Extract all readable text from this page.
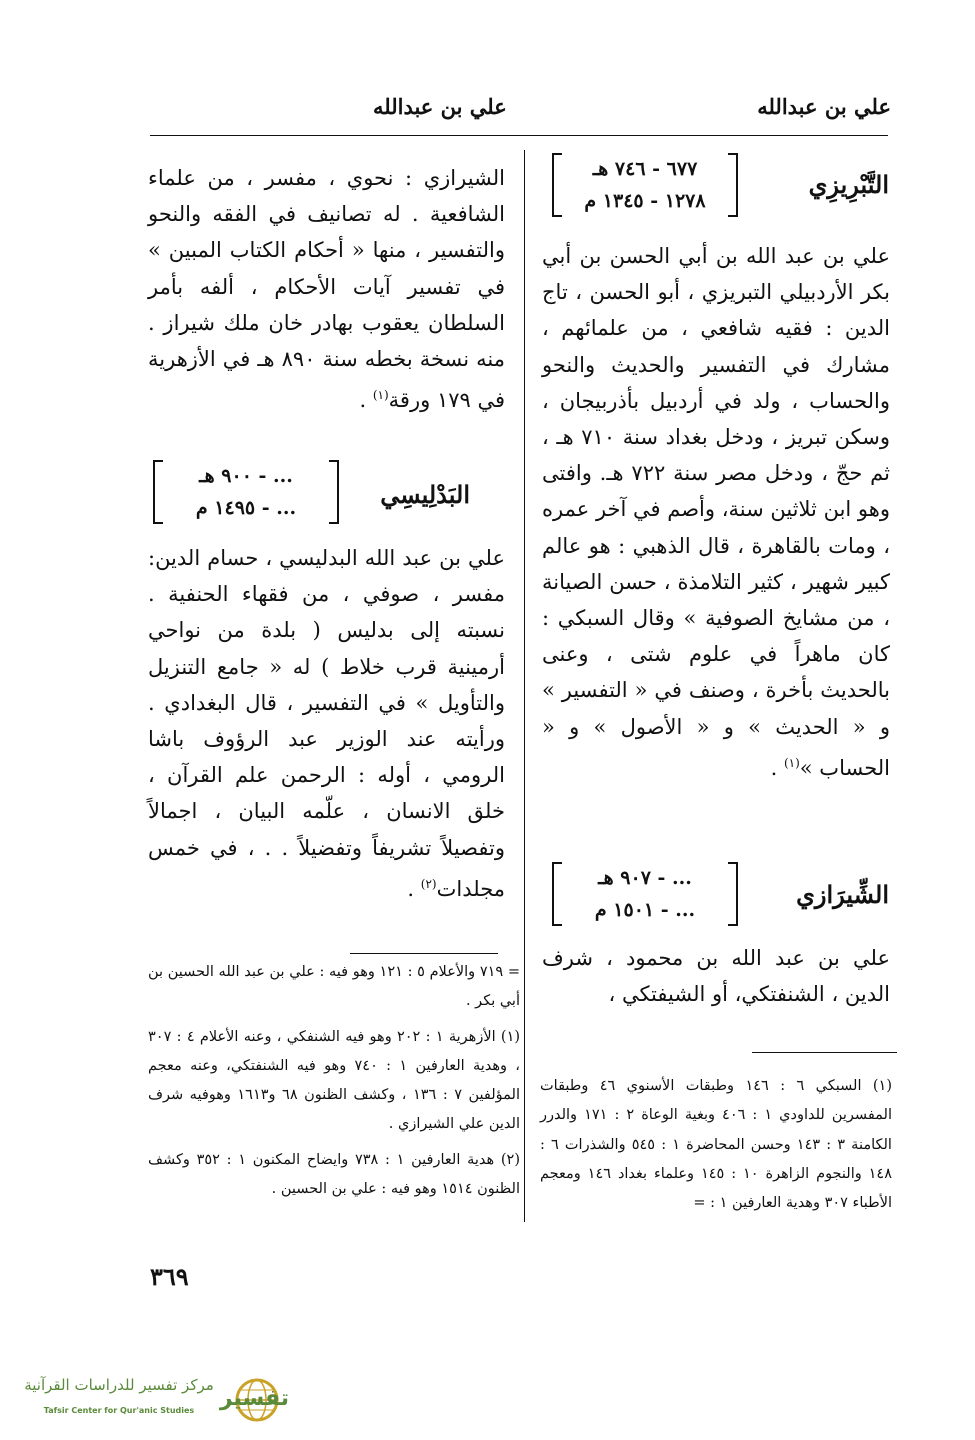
علي بن عبدالله
علي بن عبدالله
التَّبْرِيزِي
٦٧٧ - ٧٤٦ هـ
١٢٧٨ - ١٣٤٥ م
علي بن عبد الله بن أبي الحسن بن أبي بكر الأردبيلي التبريزي ، أبو الحسن ، تاج الدين : فقيه شافعي ، من علمائهم ، مشارك في التفسير والحديث والنحو والحساب ، ولد في أردبيل بأذربيجان ، وسكن تبريز ، ودخل بغداد سنة ٧١٠ هـ ، ثم حجّ ، ودخل مصر سنة ٧٢٢ هـ. وافتى وهو ابن ثلاثين سنة، وأصم في آخر عمره ، ومات بالقاهرة ، قال الذهبي : هو عالم كبير شهير ، كثير التلامذة ، حسن الصيانة ، من مشايخ الصوفية » وقال السبكي : كان ماهراً في علوم شتى ، وعنى بالحديث بأخرة ، وصنف في « التفسير » و « الحديث » و « الأصول » و « الحساب »$^{(١)}$ .
الشِّيرَازي
... - ٩٠٧ هـ
... - ١٥٠١ م
علي بن عبد الله بن محمود ، شرف الدين ، الشنفتكي، أو الشيفتكي ،
(١) السبكي ٦ : ١٤٦ وطبقات الأسنوي ٤٦ وطبقات المفسرين للداودي ١ : ٤٠٦ وبغية الوعاة ٢ : ١٧١ والدرر الكامنة ٣ : ١٤٣ وحسن المحاضرة ١ : ٥٤٥ والشذرات ٦ : ١٤٨ والنجوم الزاهرة ١٠ : ١٤٥ وعلماء بغداد ١٤٦ ومعجم الأطباء ٣٠٧ وهدية العارفين ١ : =
الشيرازي : نحوي ، مفسر ، من علماء الشافعية . له تصانيف في الفقه والنحو والتفسير ، منها « أحكام الكتاب المبين » في تفسير آيات الأحكام ، ألفه بأمر السلطان يعقوب بهادر خان ملك شيراز . منه نسخة بخطه سنة ٨٩٠ هـ في الأزهرية في ١٧٩ ورقة$^{(١)}$ .
البَدْلِيسِي
... - ٩٠٠ هـ
... - ١٤٩٥ م
علي بن عبد الله البدليسي ، حسام الدين: مفسر ، صوفي ، من فقهاء الحنفية . نسبته إلى بدليس ( بلدة من نواحي أرمينية قرب خلاط ) له « جامع التنزيل والتأويل » في التفسير ، قال البغدادي . ورأيته عند الوزير عبد الرؤوف باشا الرومي ، أوله : الرحمن علم القرآن ، خلق الانسان ، علّمه البيان ، اجمالاً وتفصيلاً تشريفاً وتفضيلاً . . ، في خمس مجلدات$^{(٢)}$ .

= ٧١٩ والأعلام ٥ : ١٢١ وهو فيه : علي بن عبد الله الحسين بن أبي بكر .

(١) الأزهرية ١ : ٢٠٢ وهو فيه الشنفكي ، وعنه الأعلام ٤ : ٣٠٧ ، وهدية العارفين ١ : ٧٤٠ وهو فيه الشنفتكي، وعنه معجم المؤلفين ٧ : ١٣٦ ، وكشف الظنون ٦٨ و١٦١٣ وهوفيه شرف الدين علي الشيرازي .

(٢) هدية العارفين ١ : ٧٣٨ وايضاح المكنون ١ : ٣٥٢ وكشف الظنون ١٥١٤ وهو فيه : علي بن الحسين .

٣٦٩
تفسير
مركز تفسير للدراسات القرآنية
Tafsir Center for Qur'anic Studies
